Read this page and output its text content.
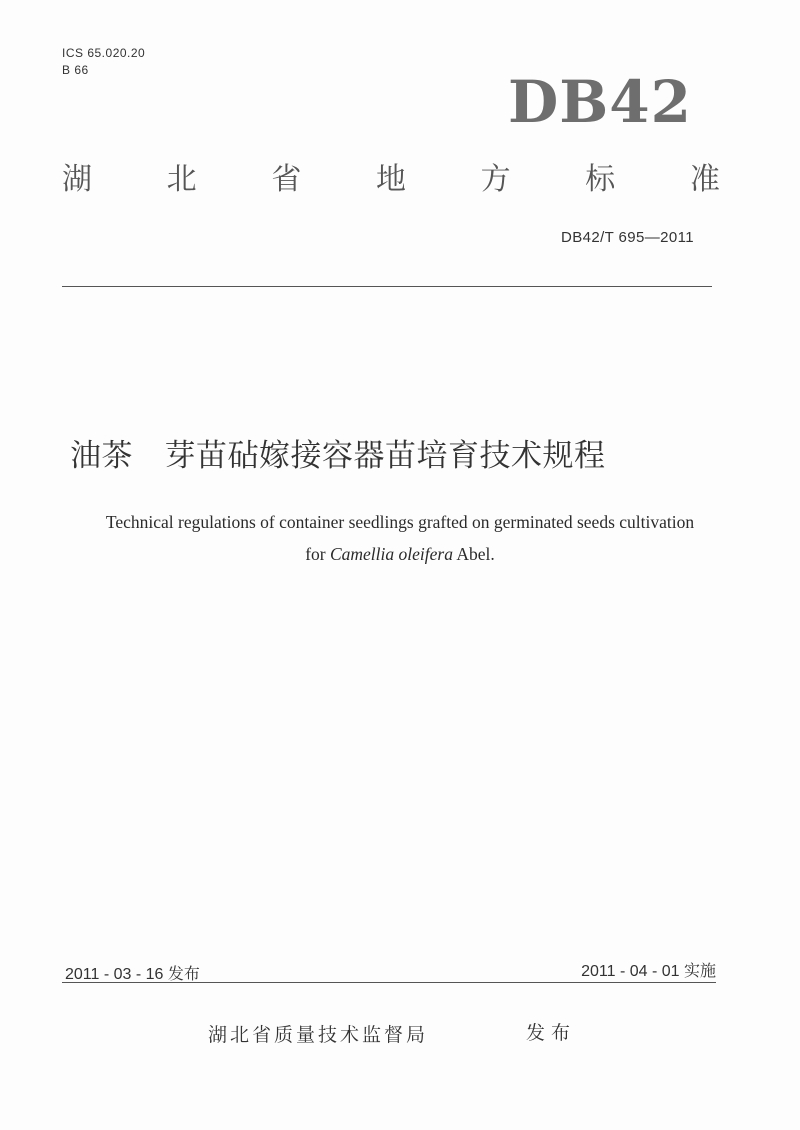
ICS 65.020.20
B 66	DB42
湖 北 省 地 方 标 准
DB42/T 695—2011
油茶　芽苗砧嫁接容器苗培育技术规程
Technical regulations of container seedlings grafted on germinated seeds cultivation
for Camellia oleifera Abel.
2011 - 03 - 16 发布	2011 - 04 - 01 实施
湖北省质量技术监督局	发布
